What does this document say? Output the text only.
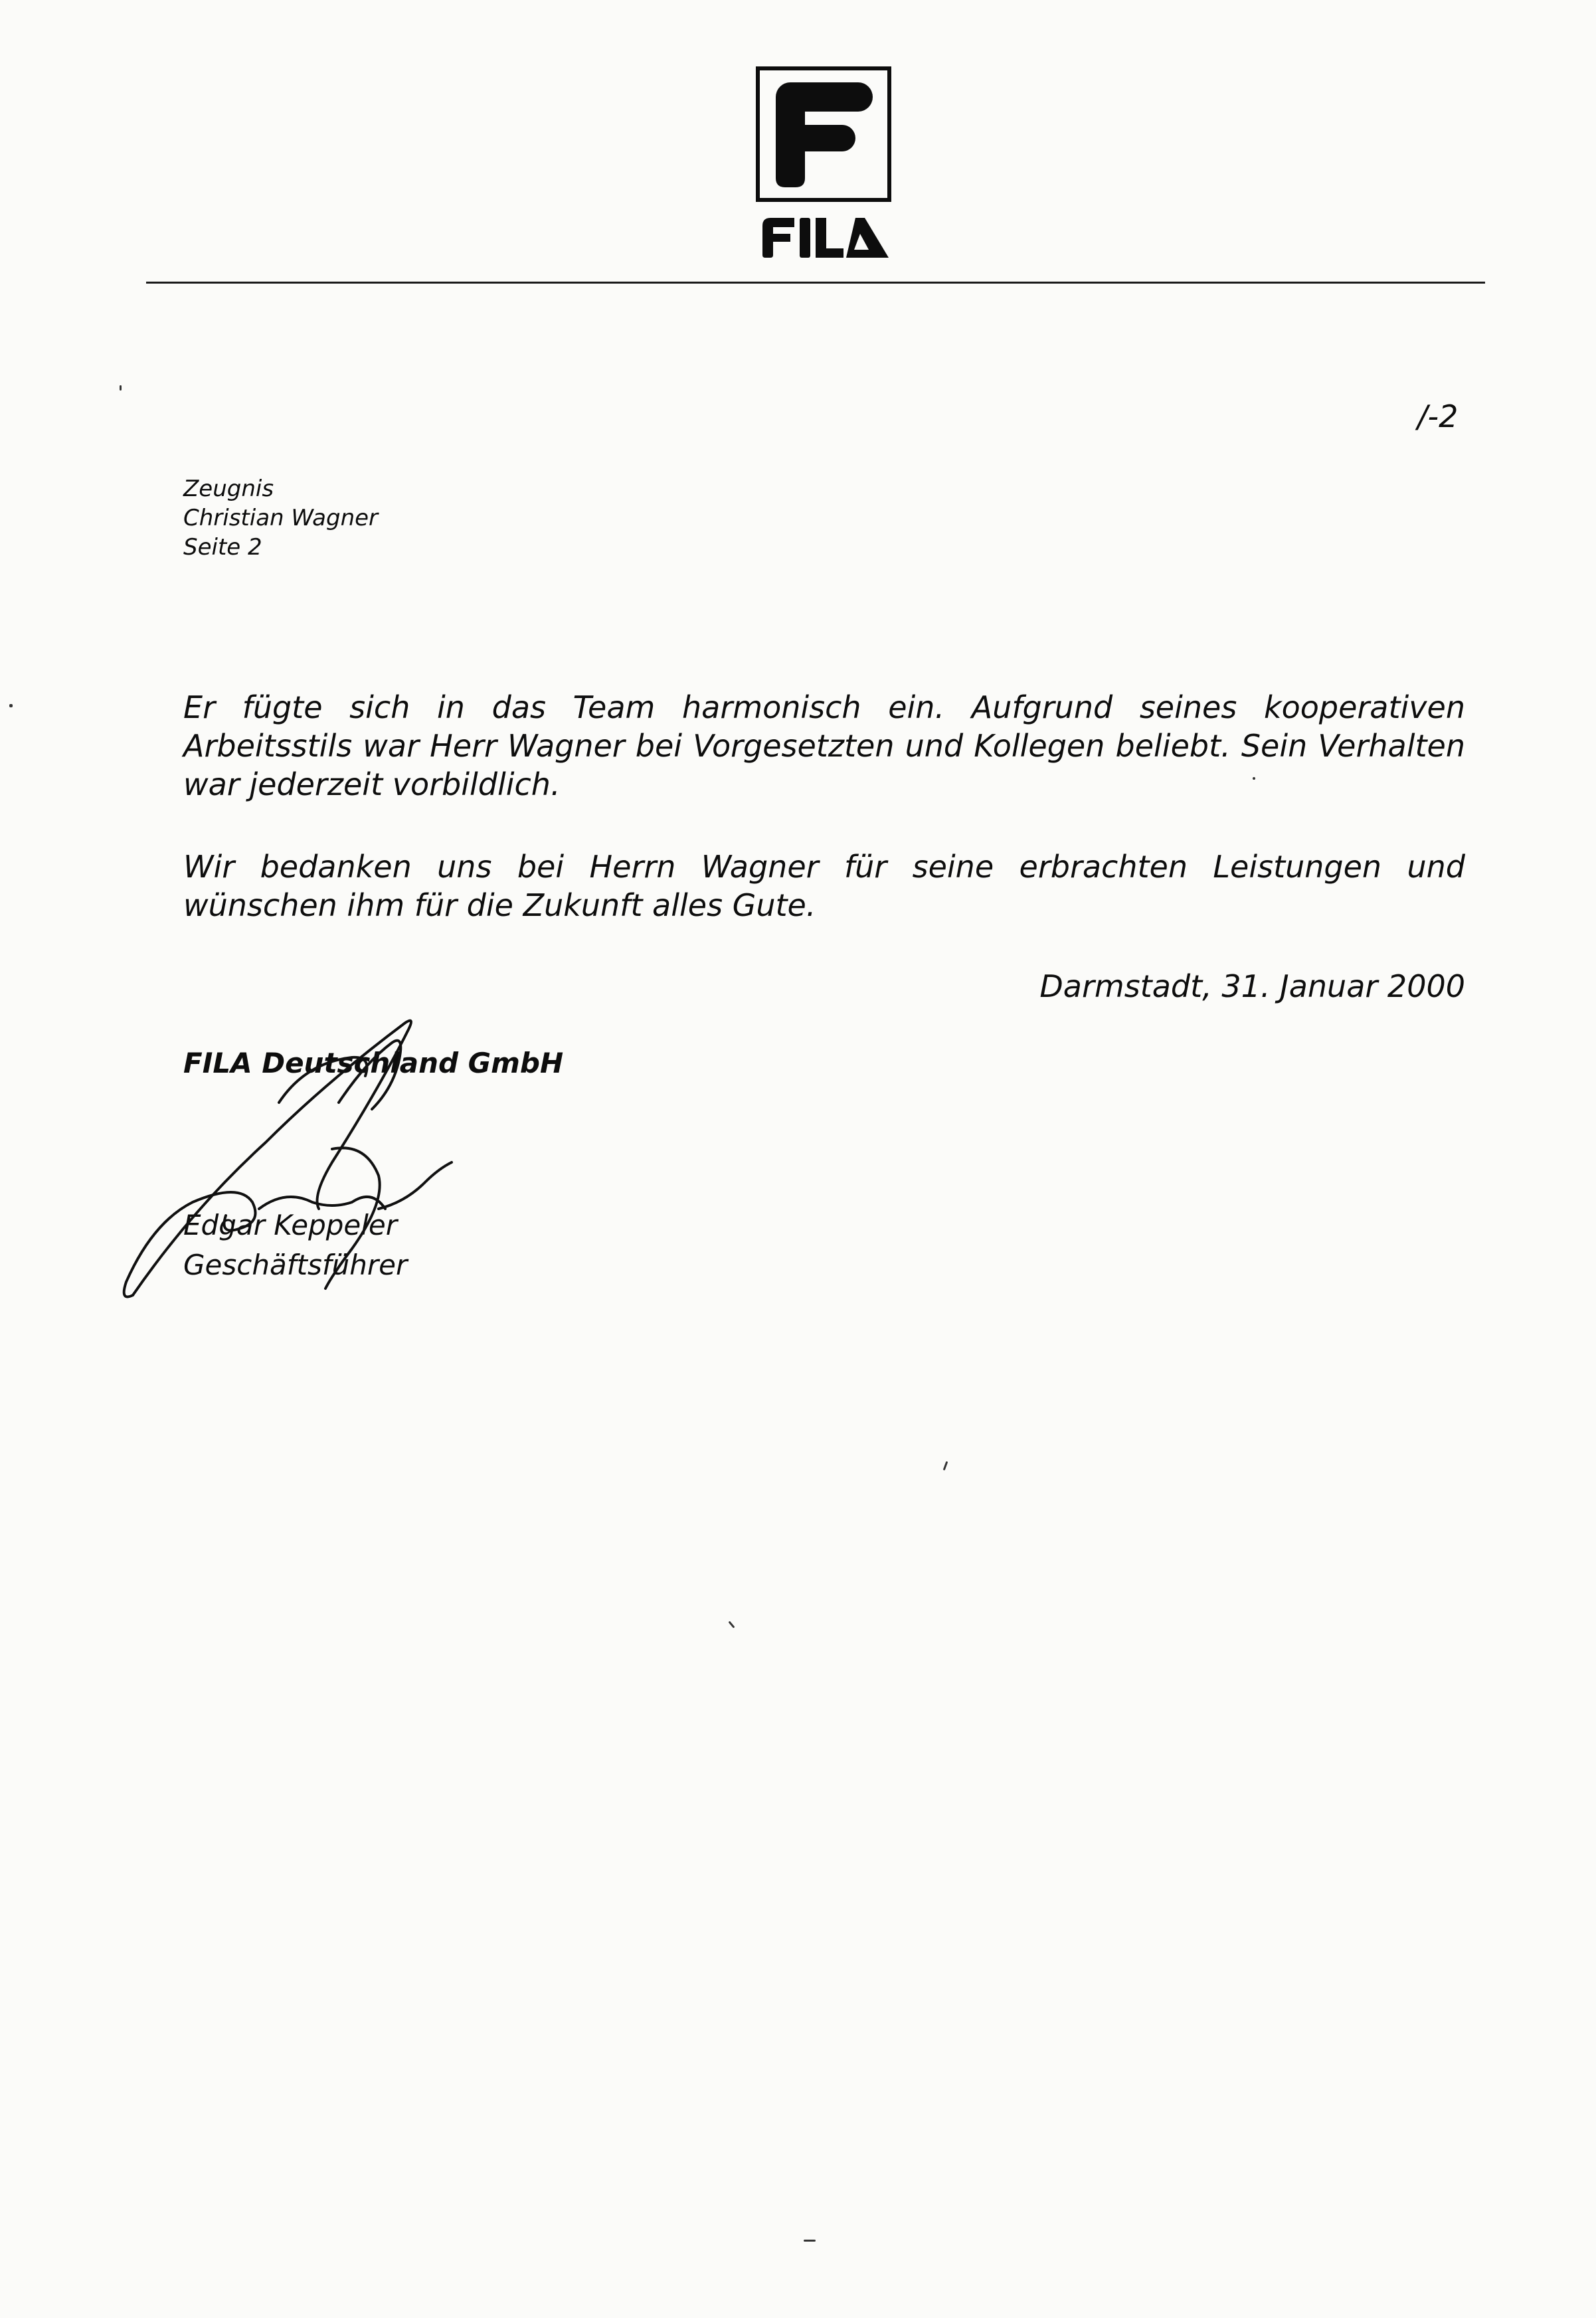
/-2
Zeugnis
Christian Wagner
Seite 2

Er fügte sich in das Team harmonisch ein. Aufgrund seines kooperativen Arbeitsstils war Herr Wagner bei Vorgesetzten und Kollegen beliebt. Sein Verhalten war jederzeit vorbildlich.

Wir bedanken uns bei Herrn Wagner für seine erbrachten Leistungen und wünschen ihm für die Zukunft alles Gute.

Darmstadt, 31. Januar 2000
FILA Deutschland GmbH
Edgar Keppeler
Geschäftsführer
